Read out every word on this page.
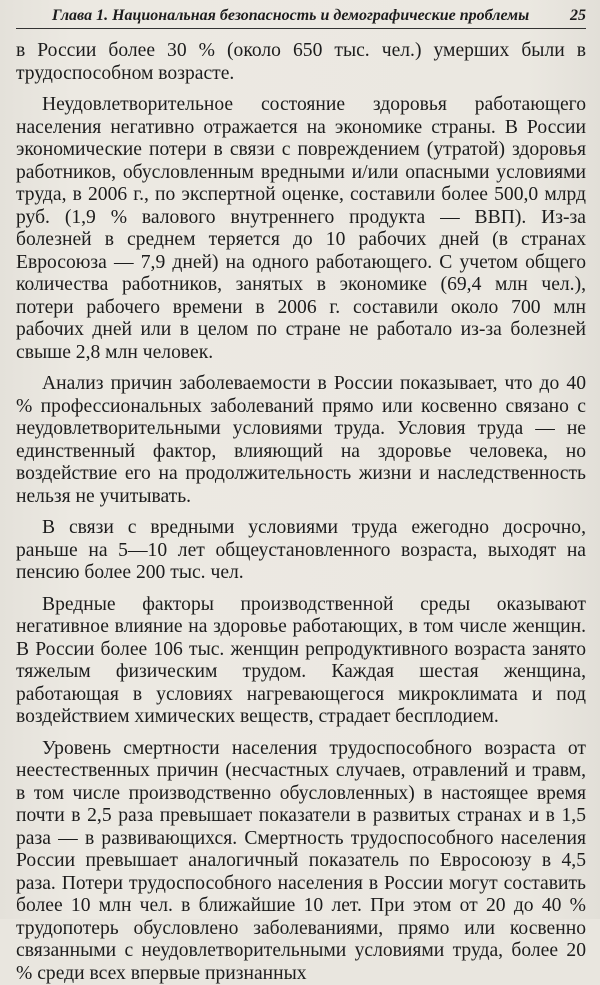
Глава 1. Национальная безопасность и демографические проблемы	25

в России более 30 % (около 650 тыс. чел.) умерших были в трудоспособном возрасте.

Неудовлетворительное состояние здоровья работающего населения негативно отражается на экономике страны. В России экономические потери в связи с повреждением (утратой) здоровья работников, обусловленным вредными и/или опасными условиями труда, в 2006 г., по экспертной оценке, составили более 500,0 млрд руб. (1,9 % валового внутреннего продукта — ВВП). Из-за болезней в среднем теряется до 10 рабочих дней (в странах Евросоюза — 7,9 дней) на одного работающего. С учетом общего количества работников, занятых в экономике (69,4 млн чел.), потери рабочего времени в 2006 г. составили около 700 млн рабочих дней или в целом по стране не работало из-за болезней свыше 2,8 млн человек.

Анализ причин заболеваемости в России показывает, что до 40 % профессиональных заболеваний прямо или косвенно связано с неудовлетворительными условиями труда. Условия труда — не единственный фактор, влияющий на здоровье человека, но воздействие его на продолжительность жизни и наследственность нельзя не учитывать.

В связи с вредными условиями труда ежегодно досрочно, раньше на 5—10 лет общеустановленного возраста, выходят на пенсию более 200 тыс. чел.

Вредные факторы производственной среды оказывают негативное влияние на здоровье работающих, в том числе женщин. В России более 106 тыс. женщин репродуктивного возраста занято тяжелым физическим трудом. Каждая шестая женщина, работающая в условиях нагревающегося микроклимата и под воздействием химических веществ, страдает бесплодием.

Уровень смертности населения трудоспособного возраста от неестественных причин (несчастных случаев, отравлений и травм, в том числе производственно обусловленных) в настоящее время почти в 2,5 раза превышает показатели в развитых странах и в 1,5 раза — в развивающихся. Смертность трудоспособного населения России превышает аналогичный показатель по Евросоюзу в 4,5 раза. Потери трудоспособного населения в России могут составить более 10 млн чел. в ближайшие 10 лет. При этом от 20 до 40 % трудопотерь обусловлено заболеваниями, прямо или косвенно связанными с неудовлетворительными условиями труда, более 20 % среди всех впервые признанных
